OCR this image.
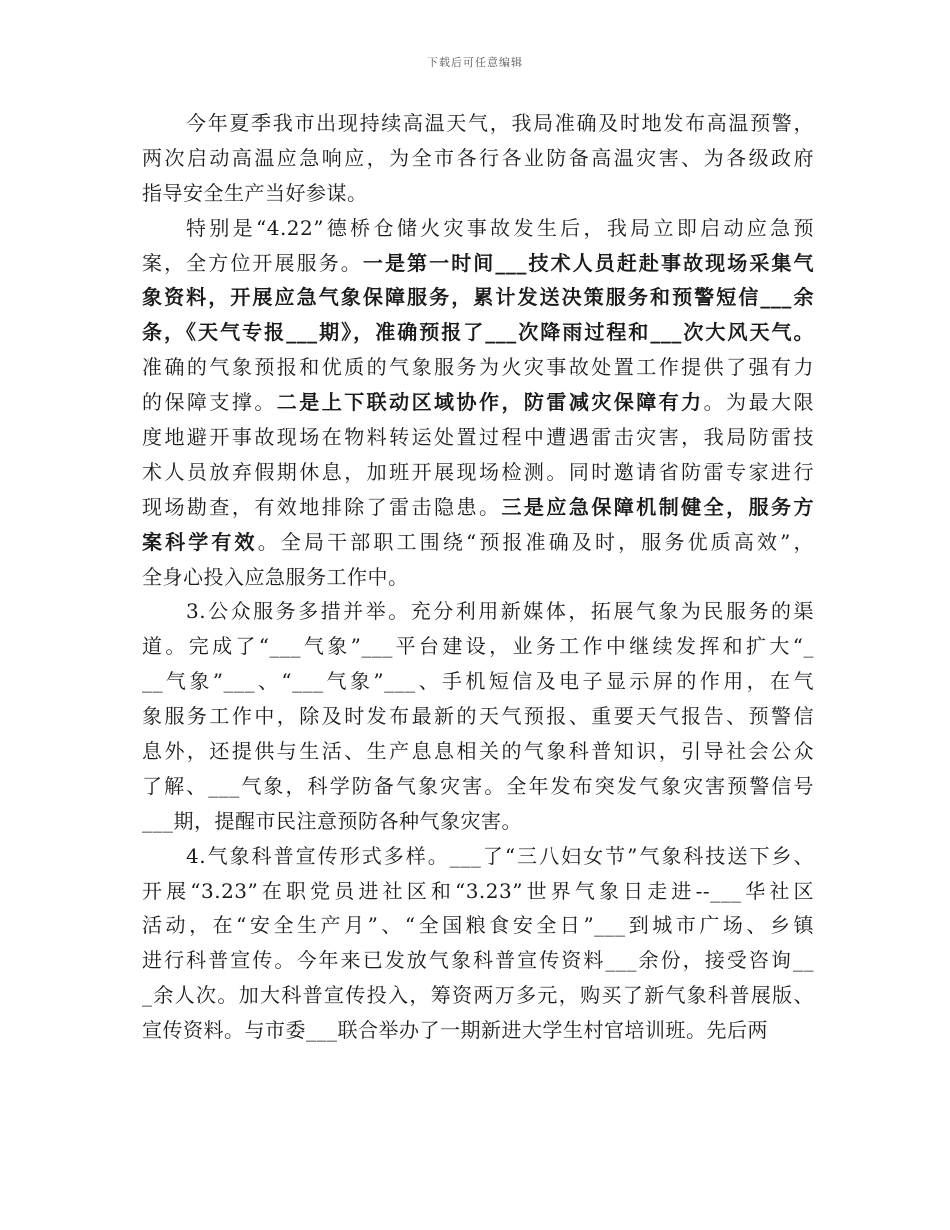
下载后可任意编辑
今年夏季我市出现持续高温天气，我局准确及时地发布高温预警，
两次启动高温应急响应，为全市各行各业防备高温灾害、为各级政府
指导安全生产当好参谋。
特别是“4.22”德桥仓储火灾事故发生后，我局立即启动应急预
案，全方位开展服务。一是第一时间___技术人员赶赴事故现场采集气
象资料，开展应急气象保障服务，累计发送决策服务和预警短信___余
条，《天气专报___期》，准确预报了___次降雨过程和___次大风天气。
准确的气象预报和优质的气象服务为火灾事故处置工作提供了强有力
的保障支撑。二是上下联动区域协作，防雷减灾保障有力。为最大限
度地避开事故现场在物料转运处置过程中遭遇雷击灾害，我局防雷技
术人员放弃假期休息，加班开展现场检测。同时邀请省防雷专家进行
现场勘查，有效地排除了雷击隐患。三是应急保障机制健全，服务方
案科学有效。全局干部职工围绕“预报准确及时，服务优质高效”，
全身心投入应急服务工作中。
3.公众服务多措并举。充分利用新媒体，拓展气象为民服务的渠
道。完成了“___气象”___平台建设，业务工作中继续发挥和扩大“_
__气象”___、“___气象”___、手机短信及电子显示屏的作用，在气
象服务工作中，除及时发布最新的天气预报、重要天气报告、预警信
息外，还提供与生活、生产息息相关的气象科普知识，引导社会公众
了解、___气象，科学防备气象灾害。全年发布突发气象灾害预警信号
___期，提醒市民注意预防各种气象灾害。
4.气象科普宣传形式多样。___了“三八妇女节”气象科技送下乡、
开展“3.23”在职党员进社区和“3.23”世界气象日走进--___华社区
活动，在“安全生产月”、“全国粮食安全日”___到城市广场、乡镇
进行科普宣传。今年来已发放气象科普宣传资料___余份，接受咨询__
_余人次。加大科普宣传投入，筹资两万多元，购买了新气象科普展版、
宣传资料。与市委___联合举办了一期新进大学生村官培训班。先后两
